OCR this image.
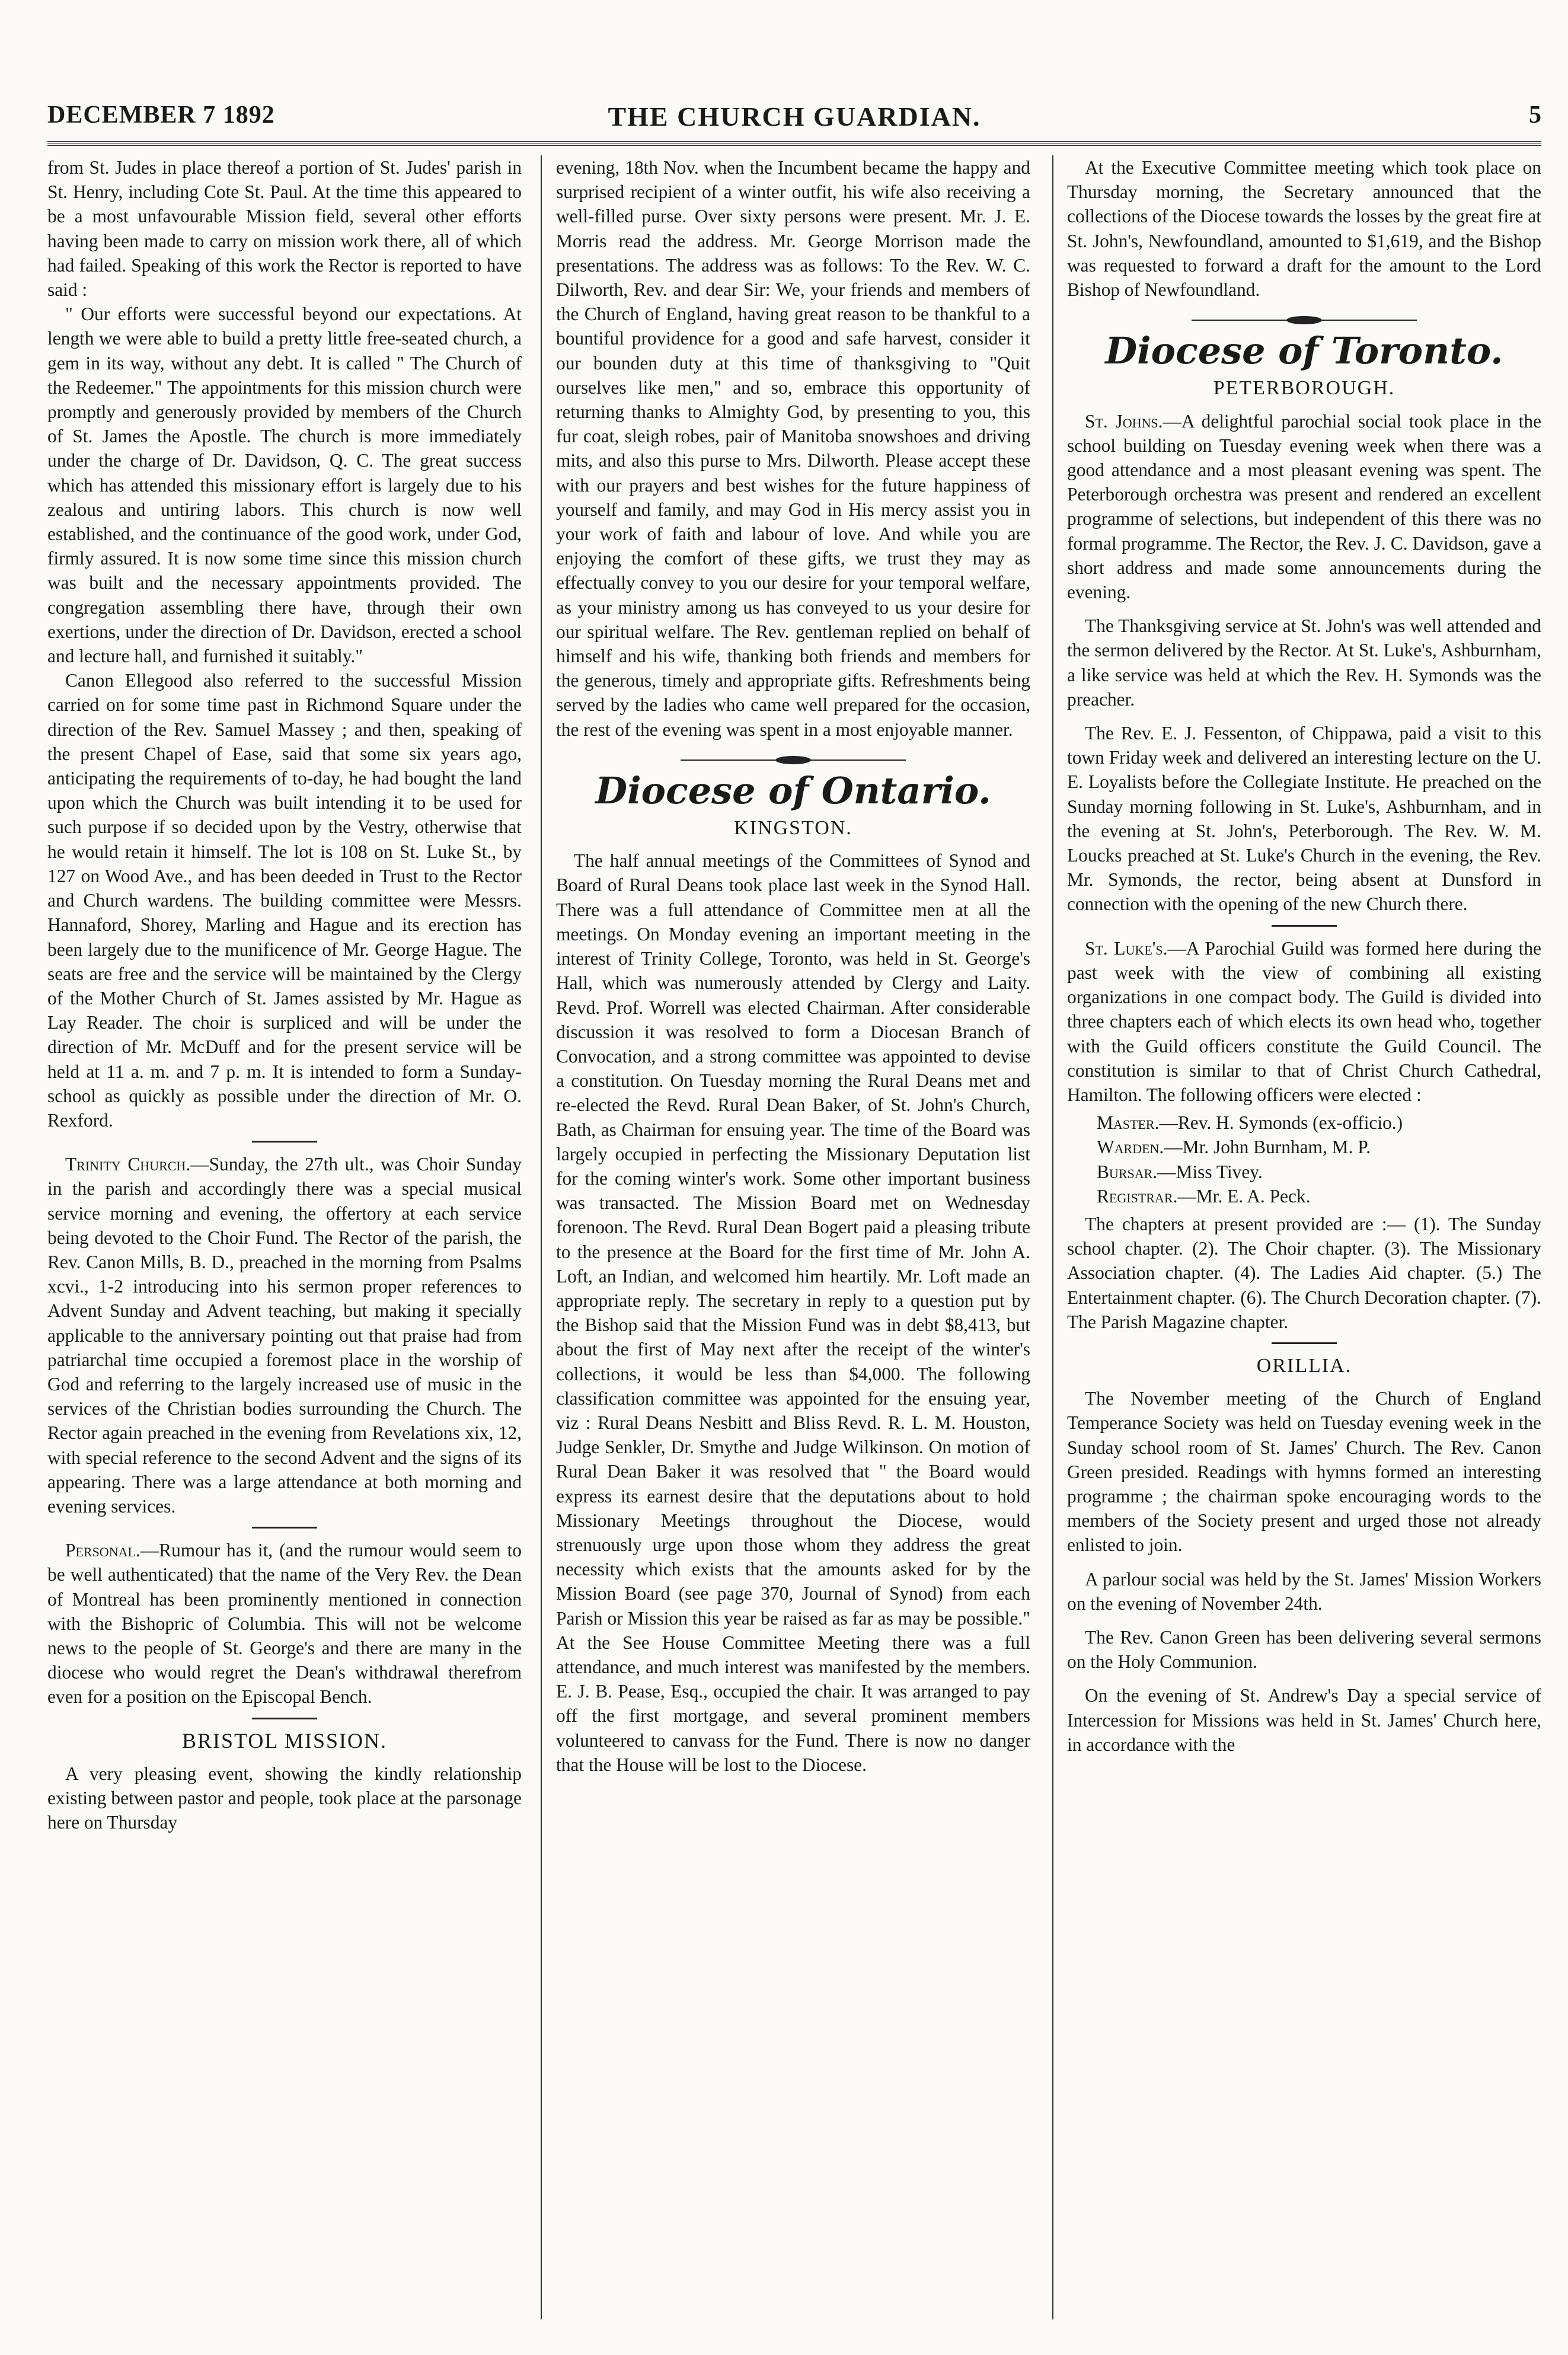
DECEMBER 7 1892	THE CHURCH GUARDIAN.	5

from St. Judes in place thereof a portion of St. Judes' parish in St. Henry, including Cote St. Paul. At the time this appeared to be a most unfavourable Mission field, several other efforts having been made to carry on mission work there, all of which had failed. Speaking of this work the Rector is reported to have said :

" Our efforts were successful beyond our expectations. At length we were able to build a pretty little free-seated church, a gem in its way, without any debt. It is called " The Church of the Redeemer." The appointments for this mission church were promptly and generously provided by members of the Church of St. James the Apostle. The church is more immediately under the charge of Dr. Davidson, Q. C. The great success which has attended this missionary effort is largely due to his zealous and untiring labors. This church is now well established, and the continuance of the good work, under God, firmly assured. It is now some time since this mission church was built and the necessary appointments provided. The congregation assembling there have, through their own exertions, under the direction of Dr. Davidson, erected a school and lecture hall, and furnished it suitably."

Canon Ellegood also referred to the successful Mission carried on for some time past in Richmond Square under the direction of the Rev. Samuel Massey ; and then, speaking of the present Chapel of Ease, said that some six years ago, anticipating the requirements of to-day, he had bought the land upon which the Church was built intending it to be used for such purpose if so decided upon by the Vestry, otherwise that he would retain it himself. The lot is 108 on St. Luke St., by 127 on Wood Ave., and has been deeded in Trust to the Rector and Church wardens. The building committee were Messrs. Hannaford, Shorey, Marling and Hague and its erection has been largely due to the munificence of Mr. George Hague. The seats are free and the service will be maintained by the Clergy of the Mother Church of St. James assisted by Mr. Hague as Lay Reader. The choir is surpliced and will be under the direction of Mr. McDuff and for the present service will be held at 11 a. m. and 7 p. m. It is intended to form a Sunday-school as quickly as possible under the direction of Mr. O. Rexford.

Trinity Church.—Sunday, the 27th ult., was Choir Sunday in the parish and accordingly there was a special musical service morning and evening, the offertory at each service being devoted to the Choir Fund. The Rector of the parish, the Rev. Canon Mills, B. D., preached in the morning from Psalms xcvi., 1-2 introducing into his sermon proper references to Advent Sunday and Advent teaching, but making it specially applicable to the anniversary pointing out that praise had from patriarchal time occupied a foremost place in the worship of God and referring to the largely increased use of music in the services of the Christian bodies surrounding the Church. The Rector again preached in the evening from Revelations xix, 12, with special reference to the second Advent and the signs of its appearing. There was a large attendance at both morning and evening services.

Personal.—Rumour has it, (and the rumour would seem to be well authenticated) that the name of the Very Rev. the Dean of Montreal has been prominently mentioned in connection with the Bishopric of Columbia. This will not be welcome news to the people of St. George's and there are many in the diocese who would regret the Dean's withdrawal therefrom even for a position on the Episcopal Bench.

BRISTOL MISSION.

A very pleasing event, showing the kindly relationship existing between pastor and people, took place at the parsonage here on Thursday

evening, 18th Nov. when the Incumbent became the happy and surprised recipient of a winter outfit, his wife also receiving a well-filled purse. Over sixty persons were present. Mr. J. E. Morris read the address. Mr. George Morrison made the presentations. The address was as follows: To the Rev. W. C. Dilworth, Rev. and dear Sir: We, your friends and members of the Church of England, having great reason to be thankful to a bountiful providence for a good and safe harvest, consider it our bounden duty at this time of thanksgiving to "Quit ourselves like men," and so, embrace this opportunity of returning thanks to Almighty God, by presenting to you, this fur coat, sleigh robes, pair of Manitoba snowshoes and driving mits, and also this purse to Mrs. Dilworth. Please accept these with our prayers and best wishes for the future happiness of yourself and family, and may God in His mercy assist you in your work of faith and labour of love. And while you are enjoying the comfort of these gifts, we trust they may as effectually convey to you our desire for your temporal welfare, as your ministry among us has conveyed to us your desire for our spiritual welfare. The Rev. gentleman replied on behalf of himself and his wife, thanking both friends and members for the generous, timely and appropriate gifts. Refreshments being served by the ladies who came well prepared for the occasion, the rest of the evening was spent in a most enjoyable manner.

Diocese of Ontario.
KINGSTON.

The half annual meetings of the Committees of Synod and Board of Rural Deans took place last week in the Synod Hall. There was a full attendance of Committee men at all the meetings. On Monday evening an important meeting in the interest of Trinity College, Toronto, was held in St. George's Hall, which was numerously attended by Clergy and Laity. Revd. Prof. Worrell was elected Chairman. After considerable discussion it was resolved to form a Diocesan Branch of Convocation, and a strong committee was appointed to devise a constitution. On Tuesday morning the Rural Deans met and re-elected the Revd. Rural Dean Baker, of St. John's Church, Bath, as Chairman for ensuing year. The time of the Board was largely occupied in perfecting the Missionary Deputation list for the coming winter's work. Some other important business was transacted. The Mission Board met on Wednesday forenoon. The Revd. Rural Dean Bogert paid a pleasing tribute to the presence at the Board for the first time of Mr. John A. Loft, an Indian, and welcomed him heartily. Mr. Loft made an appropriate reply. The secretary in reply to a question put by the Bishop said that the Mission Fund was in debt $8,413, but about the first of May next after the receipt of the winter's collections, it would be less than $4,000. The following classification committee was appointed for the ensuing year, viz : Rural Deans Nesbitt and Bliss Revd. R. L. M. Houston, Judge Senkler, Dr. Smythe and Judge Wilkinson. On motion of Rural Dean Baker it was resolved that " the Board would express its earnest desire that the deputations about to hold Missionary Meetings throughout the Diocese, would strenuously urge upon those whom they address the great necessity which exists that the amounts asked for by the Mission Board (see page 370, Journal of Synod) from each Parish or Mission this year be raised as far as may be possible." At the See House Committee Meeting there was a full attendance, and much interest was manifested by the members. E. J. B. Pease, Esq., occupied the chair. It was arranged to pay off the first mortgage, and several prominent members volunteered to canvass for the Fund. There is now no danger that the House will be lost to the Diocese.

At the Executive Committee meeting which took place on Thursday morning, the Secretary announced that the collections of the Diocese towards the losses by the great fire at St. John's, Newfoundland, amounted to $1,619, and the Bishop was requested to forward a draft for the amount to the Lord Bishop of Newfoundland.

Diocese of Toronto.
PETERBOROUGH.

St. Johns.—A delightful parochial social took place in the school building on Tuesday evening week when there was a good attendance and a most pleasant evening was spent. The Peterborough orchestra was present and rendered an excellent programme of selections, but independent of this there was no formal programme. The Rector, the Rev. J. C. Davidson, gave a short address and made some announcements during the evening.

The Thanksgiving service at St. John's was well attended and the sermon delivered by the Rector. At St. Luke's, Ashburnham, a like service was held at which the Rev. H. Symonds was the preacher.

The Rev. E. J. Fessenton, of Chippawa, paid a visit to this town Friday week and delivered an interesting lecture on the U. E. Loyalists before the Collegiate Institute. He preached on the Sunday morning following in St. Luke's, Ashburnham, and in the evening at St. John's, Peterborough. The Rev. W. M. Loucks preached at St. Luke's Church in the evening, the Rev. Mr. Symonds, the rector, being absent at Dunsford in connection with the opening of the new Church there.

St. Luke's.—A Parochial Guild was formed here during the past week with the view of combining all existing organizations in one compact body. The Guild is divided into three chapters each of which elects its own head who, together with the Guild officers constitute the Guild Council. The constitution is similar to that of Christ Church Cathedral, Hamilton. The following officers were elected :

Master.—Rev. H. Symonds (ex-officio.)

Warden.—Mr. John Burnham, M. P.

Bursar.—Miss Tivey.

Registrar.—Mr. E. A. Peck.

The chapters at present provided are :— (1). The Sunday school chapter. (2). The Choir chapter. (3). The Missionary Association chapter. (4). The Ladies Aid chapter. (5.) The Entertainment chapter. (6). The Church Decoration chapter. (7). The Parish Magazine chapter.

ORILLIA.

The November meeting of the Church of England Temperance Society was held on Tuesday evening week in the Sunday school room of St. James' Church. The Rev. Canon Green presided. Readings with hymns formed an interesting programme ; the chairman spoke encouraging words to the members of the Society present and urged those not already enlisted to join.

A parlour social was held by the St. James' Mission Workers on the evening of November 24th.

The Rev. Canon Green has been delivering several sermons on the Holy Communion.

On the evening of St. Andrew's Day a special service of Intercession for Missions was held in St. James' Church here, in accordance with the
